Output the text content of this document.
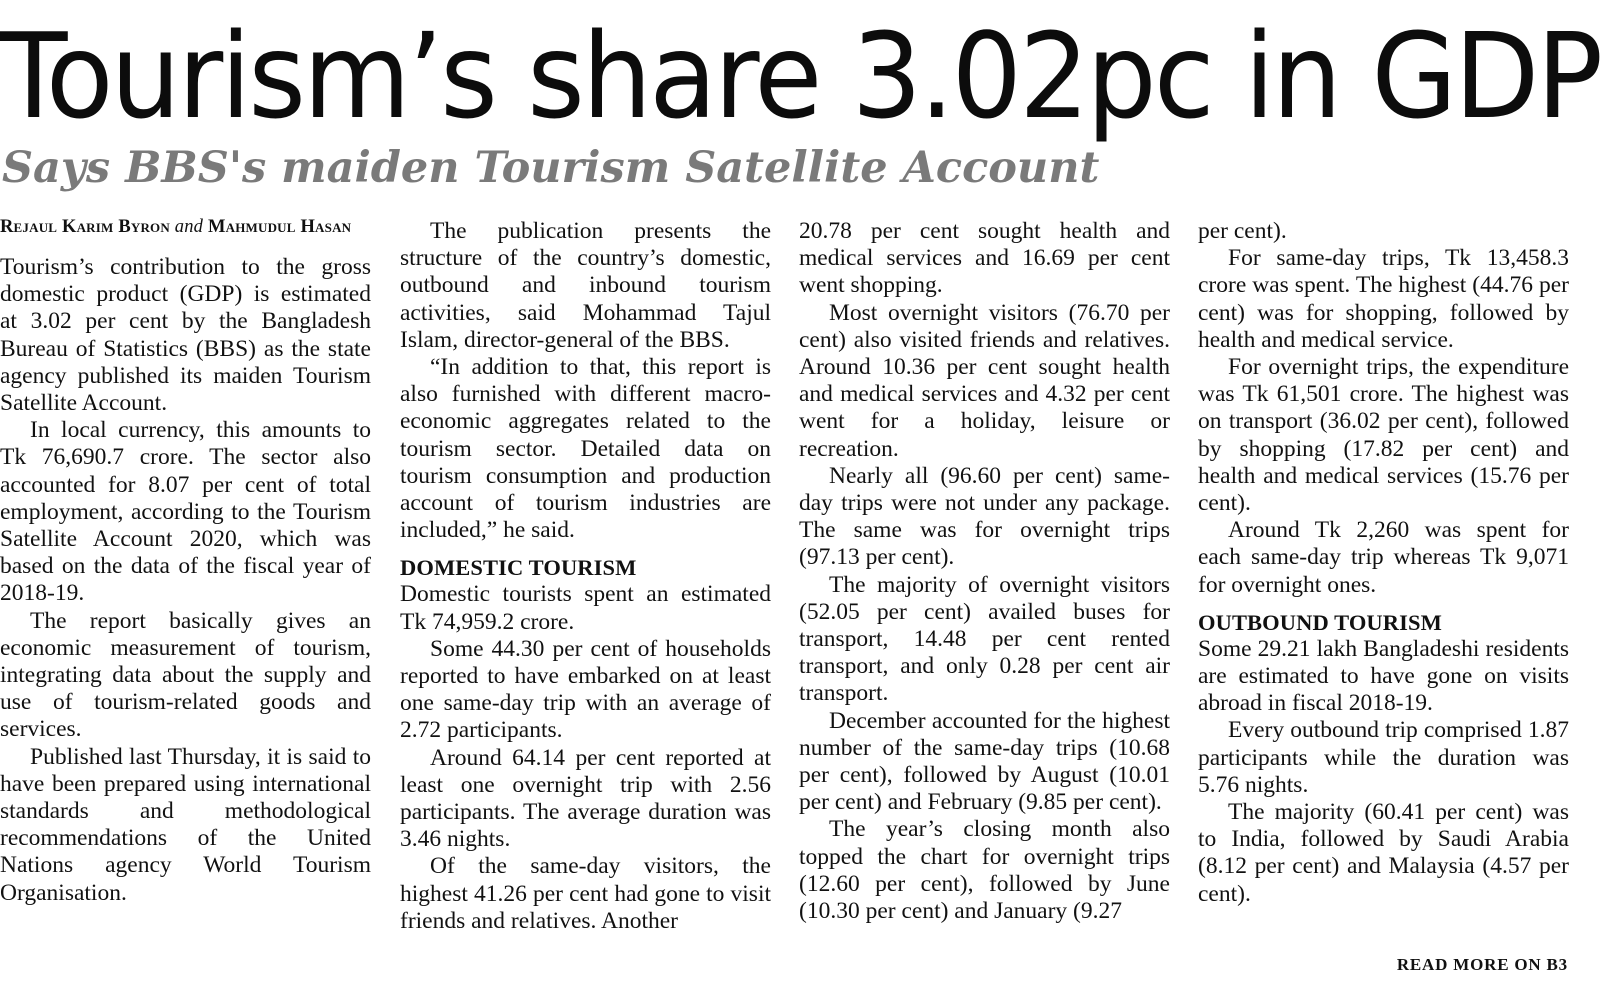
Tourism’s share 3.02pc in GDP
Says BBS's maiden Tourism Satellite Account
Rejaul Karim Byron and Mahmudul Hasan

Tourism’s contribution to the gross domestic product (GDP) is estimated at 3.02 per cent by the Bangladesh Bureau of Statistics (BBS) as the state agency published its maiden Tourism Satellite Account.

In local currency, this amounts to Tk 76,690.7 crore. The sector also accounted for 8.07 per cent of total employment, according to the Tourism Satellite Account 2020, which was based on the data of the fiscal year of 2018-19.

The report basically gives an economic measurement of tourism, integrating data about the supply and use of tourism-related goods and services.

Published last Thursday, it is said to have been prepared using international standards and methodological recommendations of the United Nations agency World Tourism Organisation.

The publication presents the structure of the country’s domestic, outbound and inbound tourism activities, said Mohammad Tajul Islam, director-general of the BBS.

“In addition to that, this report is also furnished with different macro-economic aggregates related to the tourism sector. Detailed data on tourism consumption and production account of tourism industries are included,” he said.

DOMESTIC TOURISM

Domestic tourists spent an estimated Tk 74,959.2 crore.

Some 44.30 per cent of households reported to have embarked on at least one same-day trip with an average of 2.72 participants.

Around 64.14 per cent reported at least one overnight trip with 2.56 participants. The average duration was 3.46 nights.

Of the same-day visitors, the highest 41.26 per cent had gone to visit friends and relatives. Another

20.78 per cent sought health and medical services and 16.69 per cent went shopping.

Most overnight visitors (76.70 per cent) also visited friends and relatives. Around 10.36 per cent sought health and medical services and 4.32 per cent went for a holiday, leisure or recreation.

Nearly all (96.60 per cent) same-day trips were not under any package. The same was for overnight trips (97.13 per cent).

The majority of overnight visitors (52.05 per cent) availed buses for transport, 14.48 per cent rented transport, and only 0.28 per cent air transport.

December accounted for the highest number of the same-day trips (10.68 per cent), followed by August (10.01 per cent) and February (9.85 per cent).

The year’s closing month also topped the chart for overnight trips (12.60 per cent), followed by June (10.30 per cent) and January (9.27

per cent).

For same-day trips, Tk 13,458.3 crore was spent. The highest (44.76 per cent) was for shopping, followed by health and medical service.

For overnight trips, the expenditure was Tk 61,501 crore. The highest was on transport (36.02 per cent), followed by shopping (17.82 per cent) and health and medical services (15.76 per cent).

Around Tk 2,260 was spent for each same-day trip whereas Tk 9,071 for overnight ones.

OUTBOUND TOURISM

Some 29.21 lakh Bangladeshi residents are estimated to have gone on visits abroad in fiscal 2018-19.

Every outbound trip comprised 1.87 participants while the duration was 5.76 nights.

The majority (60.41 per cent) was to India, followed by Saudi Arabia (8.12 per cent) and Malaysia (4.57 per cent).

READ MORE ON B3
